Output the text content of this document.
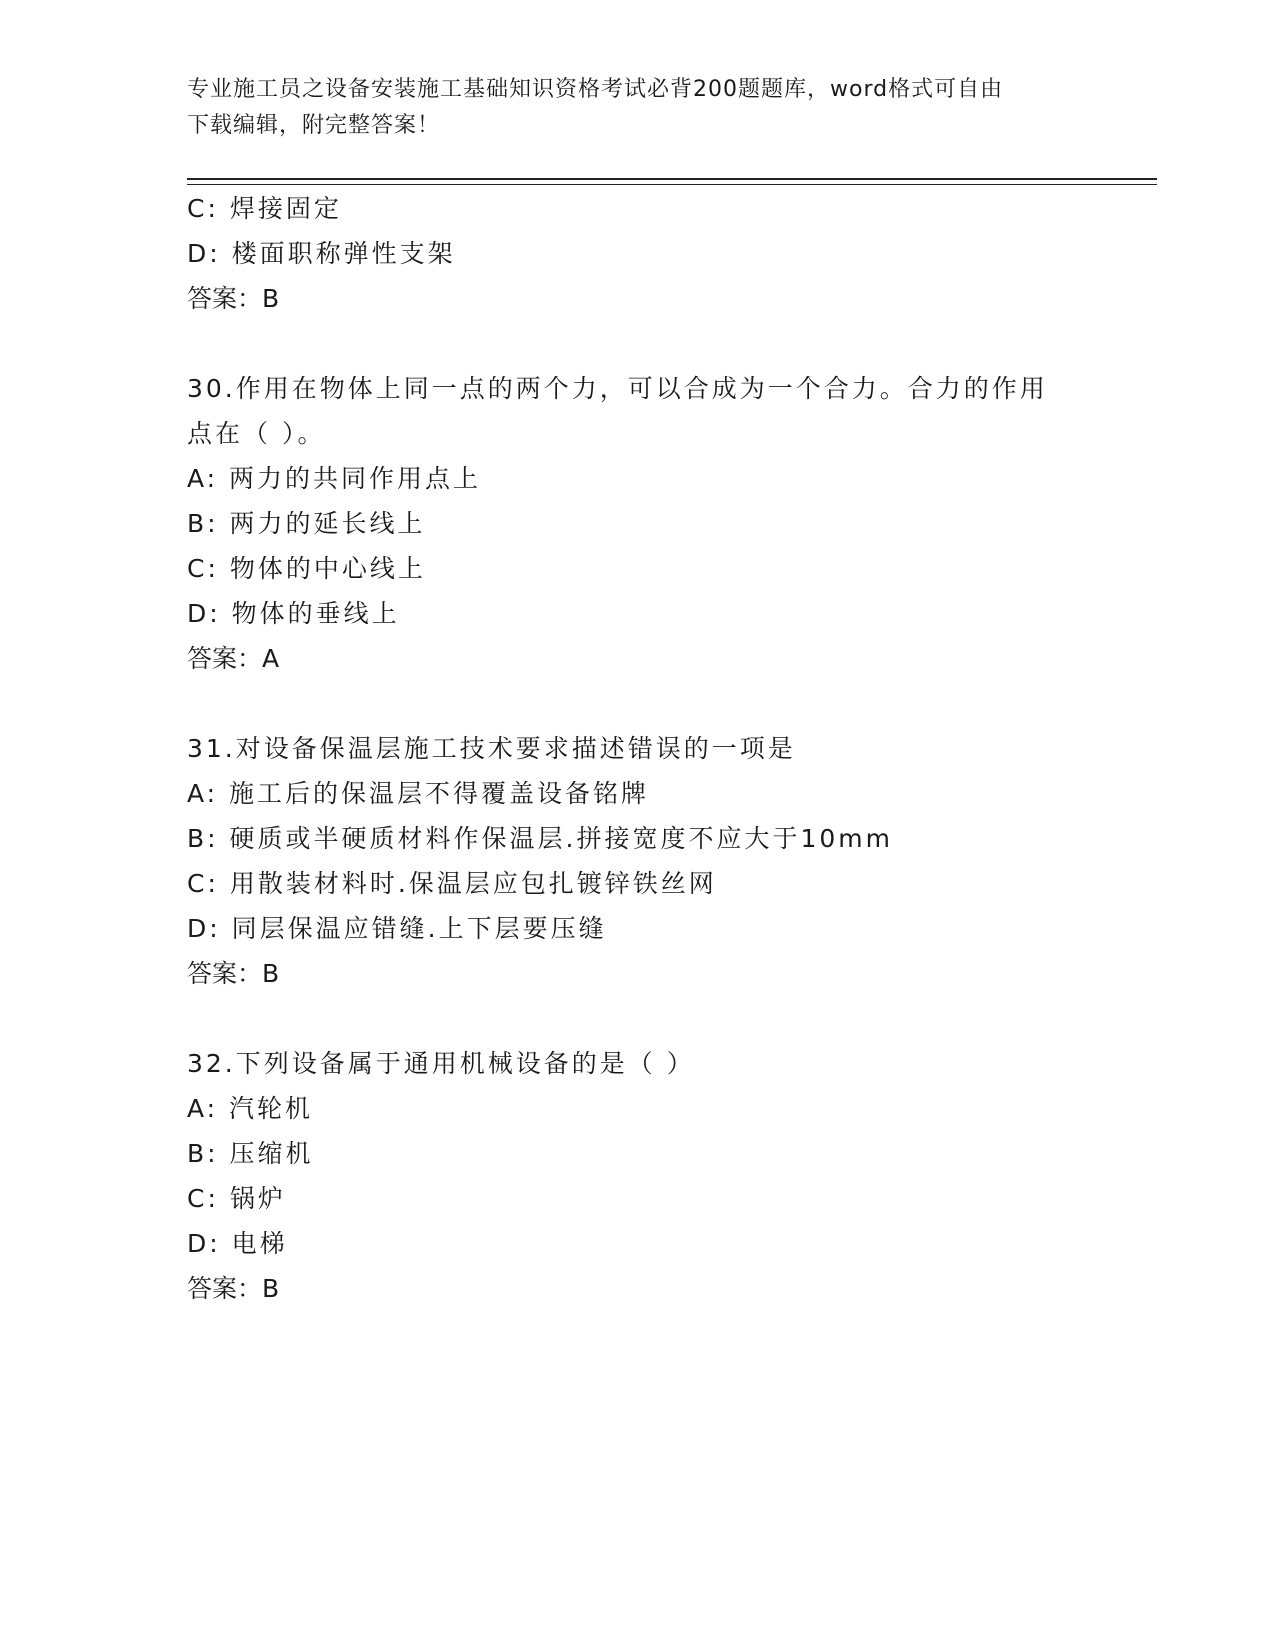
专业施工员之设备安装施工基础知识资格考试必背200题题库，word格式可自由
下载编辑，附完整答案！
C: 焊接固定
D: 楼面职称弹性支架
答案：B
30.作用在物体上同一点的两个力，可以合成为一个合力。合力的作用
点在（ ）。
A: 两力的共同作用点上
B: 两力的延长线上
C: 物体的中心线上
D: 物体的垂线上
答案：A
31.对设备保温层施工技术要求描述错误的一项是
A: 施工后的保温层不得覆盖设备铭牌
B: 硬质或半硬质材料作保温层.拼接宽度不应大于10mm
C: 用散装材料时.保温层应包扎镀锌铁丝网
D: 同层保温应错缝.上下层要压缝
答案：B
32.下列设备属于通用机械设备的是（ ）
A: 汽轮机
B: 压缩机
C: 锅炉
D: 电梯
答案：B
